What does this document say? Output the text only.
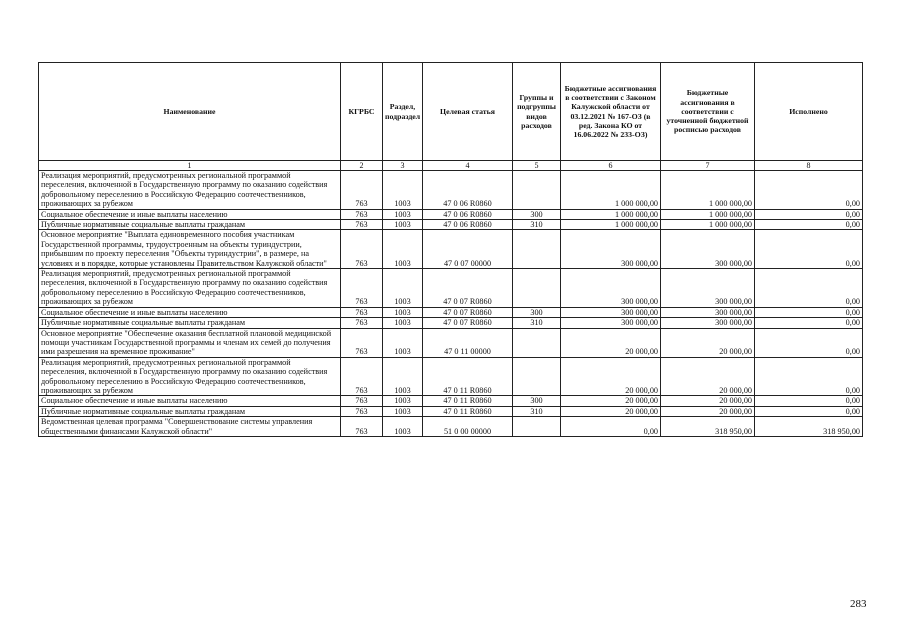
Наименование	КГРБС	Раздел, подраздел	Целевая статья	Группы и подгруппы видов расходов	Бюджетные ассигнования в соответствии с Законом Калужской области от 03.12.2021 № 167-ОЗ (в ред. Закона КО от 16.06.2022 № 233-ОЗ)	Бюджетные ассигнования в соответствии с уточненной бюджетной росписью расходов	Исполнено
1	2	3	4	5	6	7	8
Реализация мероприятий, предусмотренных региональной программой переселения, включенной в Государственную программу по оказанию содействия добровольному переселению в Российскую Федерацию соотечественников, проживающих за рубежом	763	1003	47 0 06 R0860		1 000 000,00	1 000 000,00	0,00
Социальное обеспечение и иные выплаты населению	763	1003	47 0 06 R0860	300	1 000 000,00	1 000 000,00	0,00
Публичные нормативные социальные выплаты гражданам	763	1003	47 0 06 R0860	310	1 000 000,00	1 000 000,00	0,00
Основное мероприятие "Выплата единовременного пособия участникам Государственной программы, трудоустроенным на объекты туриндустрии, прибывшим по проекту переселения "Объекты туриндустрии", в размере, на условиях и в порядке, которые установлены Правительством Калужской области"	763	1003	47 0 07 00000		300 000,00	300 000,00	0,00
Реализация мероприятий, предусмотренных региональной программой переселения, включенной в Государственную программу по оказанию содействия добровольному переселению в Российскую Федерацию соотечественников, проживающих за рубежом	763	1003	47 0 07 R0860		300 000,00	300 000,00	0,00
Социальное обеспечение и иные выплаты населению	763	1003	47 0 07 R0860	300	300 000,00	300 000,00	0,00
Публичные нормативные социальные выплаты гражданам	763	1003	47 0 07 R0860	310	300 000,00	300 000,00	0,00
Основное мероприятие "Обеспечение оказания бесплатной плановой медицинской помощи участникам Государственной программы и членам их семей до получения ими разрешения на временное проживание"	763	1003	47 0 11 00000		20 000,00	20 000,00	0,00
Реализация мероприятий, предусмотренных региональной программой переселения, включенной в Государственную программу по оказанию содействия добровольному переселению в Российскую Федерацию соотечественников, проживающих за рубежом	763	1003	47 0 11 R0860		20 000,00	20 000,00	0,00
Социальное обеспечение и иные выплаты населению	763	1003	47 0 11 R0860	300	20 000,00	20 000,00	0,00
Публичные нормативные социальные выплаты гражданам	763	1003	47 0 11 R0860	310	20 000,00	20 000,00	0,00
Ведомственная целевая программа "Совершенствование системы управления общественными финансами Калужской области"	763	1003	51 0 00 00000		0,00	318 950,00	318 950,00
283
